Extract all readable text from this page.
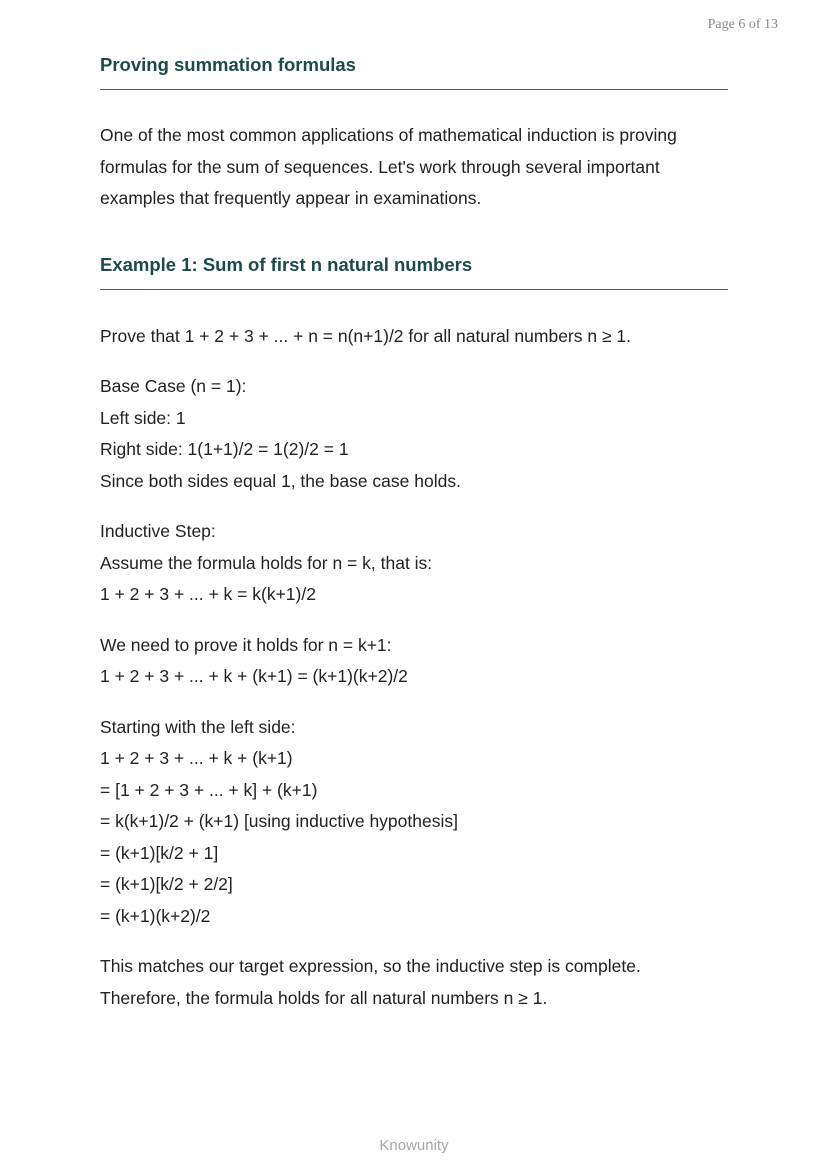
Page 6 of 13
Proving summation formulas

One of the most common applications of mathematical induction is proving
formulas for the sum of sequences. Let's work through several important
examples that frequently appear in examinations.

Example 1: Sum of first n natural numbers

Prove that 1 + 2 + 3 + ... + n = n(n+1)/2 for all natural numbers n ≥ 1.

Base Case (n = 1):
Left side: 1
Right side: 1(1+1)/2 = 1(2)/2 = 1
Since both sides equal 1, the base case holds.

Inductive Step:
Assume the formula holds for n = k, that is:
1 + 2 + 3 + ... + k = k(k+1)/2

We need to prove it holds for n = k+1:
1 + 2 + 3 + ... + k + (k+1) = (k+1)(k+2)/2

Starting with the left side:
1 + 2 + 3 + ... + k + (k+1)
= [1 + 2 + 3 + ... + k] + (k+1)
= k(k+1)/2 + (k+1) [using inductive hypothesis]
= (k+1)[k/2 + 1]
= (k+1)[k/2 + 2/2]
= (k+1)(k+2)/2

This matches our target expression, so the inductive step is complete.
Therefore, the formula holds for all natural numbers n ≥ 1.

Knowunity
